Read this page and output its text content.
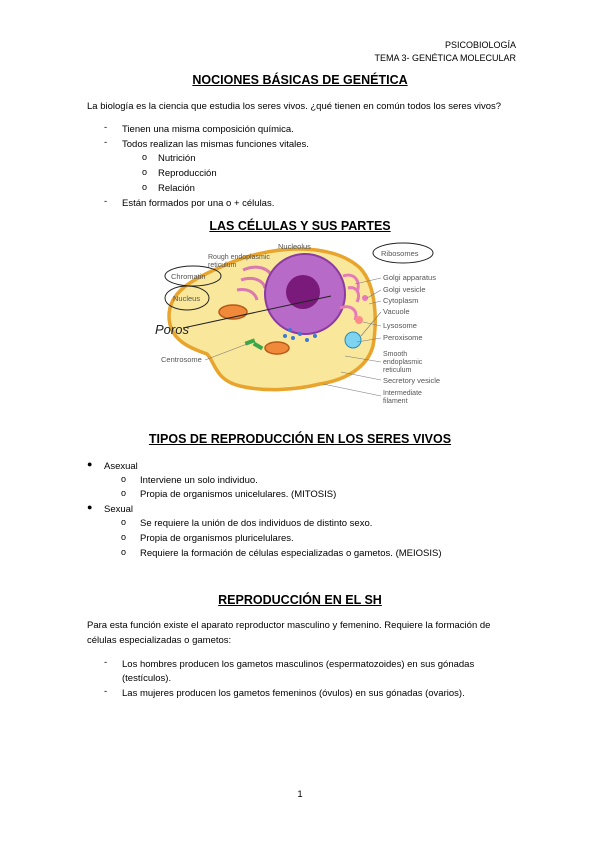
PSICOBIOLOGÍA
TEMA 3- GENÉTICA MOLECULAR
NOCIONES BÁSICAS DE GENÉTICA
La biología es la ciencia que estudia los seres vivos. ¿qué tienen en común todos los seres vivos?
- Tienen una misma composición química.
- Todos realizan las mismas funciones vitales.
o Nutrición
o Reproducción
o Relación
- Están formados por una o + células.
LAS CÉLULAS Y SUS PARTES
Nucleolus
Rough endoplasmic
reticulum
Chromatin
Nucleus
Poros
Centrosome
Ribosomes
Golgi apparatus
Golgi vesicle
Cytoplasm
Vacuole
Lysosome
Peroxisome
Smooth
endoplasmic
reticulum
Secretory vesicle
Intermediate
filament
TIPOS DE REPRODUCCIÓN EN LOS SERES VIVOS
● Asexual
o Interviene un solo individuo.
o Propia de organismos unicelulares. (MITOSIS)
● Sexual
o Se requiere la unión de dos individuos de distinto sexo.
o Propia de organismos pluricelulares.
o Requiere la formación de células especializadas o gametos. (MEIOSIS)
REPRODUCCIÓN EN EL SH
Para esta función existe el aparato reproductor masculino y femenino. Requiere la formación de
células especializadas o gametos:
- Los hombres producen los gametos masculinos (espermatozoides) en sus gónadas
(testículos).
- Las mujeres producen los gametos femeninos (óvulos) en sus gónadas (ovarios).
1
